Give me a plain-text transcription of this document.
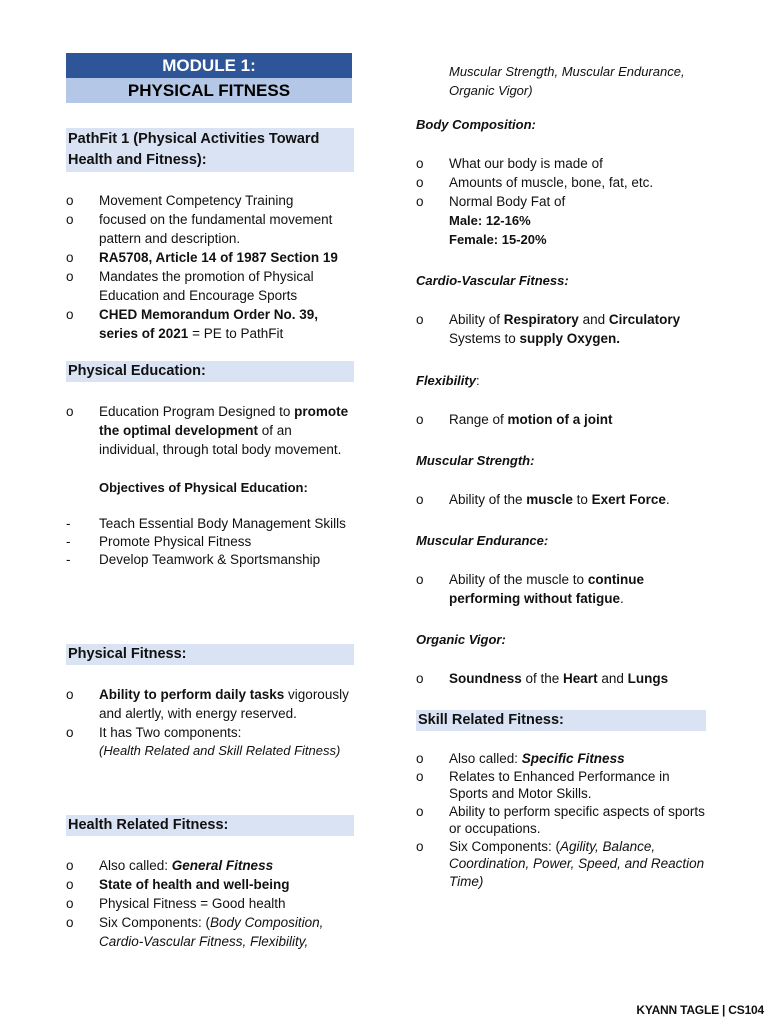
MODULE 1:
PHYSICAL FITNESS
PathFit 1 (Physical Activities Toward Health and Fitness):
o	Movement Competency Training
o	focused on the fundamental movement pattern and description.
o	RA5708, Article 14 of 1987 Section 19
o	Mandates the promotion of Physical Education and Encourage Sports
o	CHED Memorandum Order No. 39, series of 2021 = PE to PathFit
Physical Education:
o	Education Program Designed to promote the optimal development of an individual, through total body movement.
Objectives of Physical Education:
- Teach Essential Body Management Skills
- Promote Physical Fitness
- Develop Teamwork & Sportsmanship
Physical Fitness:
o	Ability to perform daily tasks vigorously and alertly, with energy reserved.
o	It has Two components:
(Health Related and Skill Related Fitness)
Health Related Fitness:
o	Also called: General Fitness
o	State of health and well-being
o	Physical Fitness = Good health
o	Six Components: (Body Composition, Cardio-Vascular Fitness, Flexibility,
Muscular Strength, Muscular Endurance, Organic Vigor)
Body Composition:
o	What our body is made of
o	Amounts of muscle, bone, fat, etc.
o	Normal Body Fat of
Male: 12-16%
Female: 15-20%
Cardio-Vascular Fitness:
o	Ability of Respiratory and Circulatory Systems to supply Oxygen.
Flexibility:
o	Range of motion of a joint
Muscular Strength:
o	Ability of the muscle to Exert Force.
Muscular Endurance:
o	Ability of the muscle to continue performing without fatigue.
Organic Vigor:
o	Soundness of the Heart and Lungs
Skill Related Fitness:
o	Also called: Specific Fitness
o	Relates to Enhanced Performance in Sports and Motor Skills.
o	Ability to perform specific aspects of sports or occupations.
o	Six Components: (Agility, Balance, Coordination, Power, Speed, and Reaction Time)
KYANN TAGLE | CS104
